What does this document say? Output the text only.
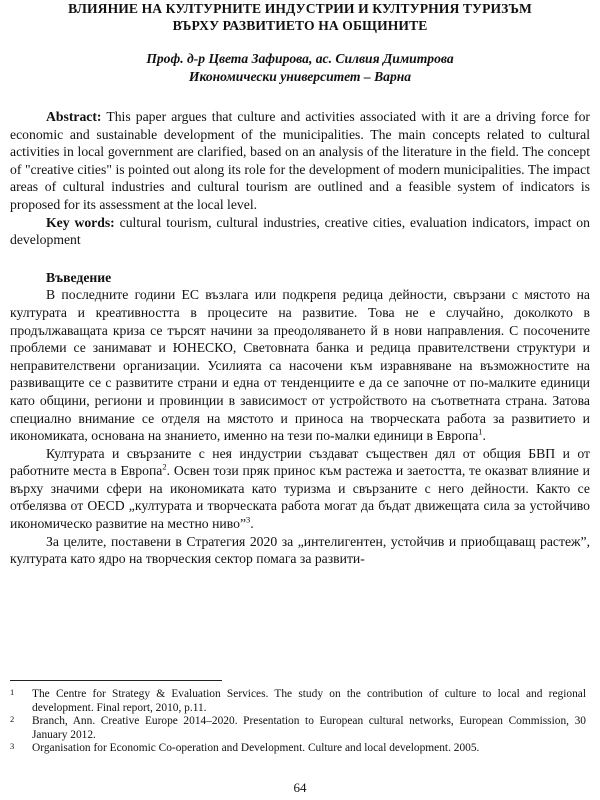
ВЛИЯНИЕ НА КУЛТУРНИТЕ ИНДУСТРИИ И КУЛТУРНИЯ ТУРИЗЪМ
ВЪРХУ РАЗВИТИЕТО НА ОБЩИНИТЕ
Проф. д-р Цвета Зафирова, ас. Силвия Димитрова
Икономически университет – Варна

Abstract: This paper argues that culture and activities associated with it are a driving force for economic and sustainable development of the municipalities. The main concepts related to cultural activities in local government are clarified, based on an analysis of the literature in the field. The concept of "creative cities" is pointed out along its role for the development of modern municipalities. The impact areas of cultural industries and cultural tourism are outlined and a feasible system of indicators is proposed for its assessment at the local level.

Key words: cultural tourism, cultural industries, creative cities, evaluation indicators, impact on development

Въведение

В последните години ЕС възлага или подкрепя редица дейности, свързани с мястото на културата и креативността в процесите на развитие. Това не е случайно, доколкото в продължаващата криза се търсят начини за преодоляването й в нови направления. С посочените проблеми се занимават и ЮНЕСКО, Световната банка и редица правителствени структури и неправителствени организации. Усилията са насочени към изравняване на възможностите на развиващите се с развитите страни и една от тенденциите е да се започне от по-малките единици като общини, региони и провинции в зависимост от устройството на съответната страна. Затова специално внимание се отделя на мястото и приноса на творческата работа за развитието и икономиката, основана на знанието, именно на тези по-малки единици в Европа$^1$.

Културата и свързаните с нея индустрии създават съществен дял от общия БВП и от работните места в Европа$^2$. Освен този пряк принос към растежа и заетостта, те оказват влияние и върху значими сфери на икономиката като туризма и свързаните с него дейности. Както се отбелязва от OECD „културата и творческата работа могат да бъдат движещата сила за устойчиво икономическо развитие на местно ниво”$^3$.

За целите, поставени в Стратегия 2020 за „интелигентен, устойчив и приобщаващ растеж”, културата като ядро на творческия сектор помага за развити-

1 The Centre for Strategy & Evaluation Services. The study on the contribution of culture to local and regional development. Final report, 2010, p.11.
2 Branch, Ann. Creative Europe 2014–2020. Presentation to European cultural networks, European Commission, 30 January 2012.
3 Organisation for Economic Co-operation and Development. Culture and local development. 2005.
64
